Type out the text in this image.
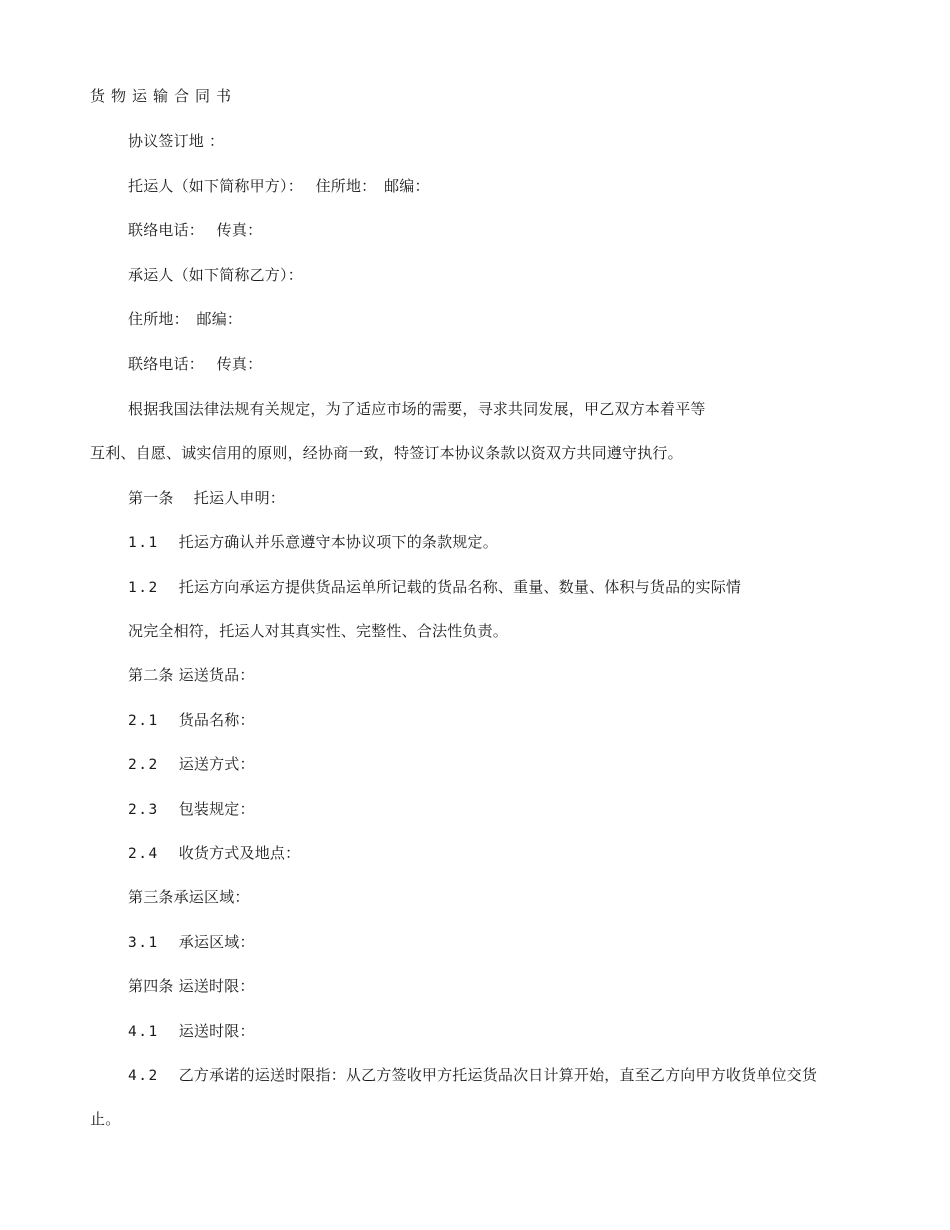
货物运输合同书
协议签订地 ：
托运人（如下简称甲方）：　 住所地：　邮编：
联络电话：　 传真：
承运人（如下简称乙方）：
住所地：　邮编：
联络电话：　 传真：
根据我国法律法规有关规定，为了适应市场的需要，寻求共同发展，甲乙双方本着平等
互利、自愿、诚实信用的原则，经协商一致，特签订本协议条款以资双方共同遵守执行。
第一条　 托运人申明：
1.1 托运方确认并乐意遵守本协议项下的条款规定。
1.2 托运方向承运方提供货品运单所记载的货品名称、重量、数量、体积与货品的实际情
况完全相符，托运人对其真实性、完整性、合法性负责。
第二条 运送货品：
2.1 货品名称：
2.2 运送方式：
2.3 包装规定：
2.4 收货方式及地点：
第三条承运区域：
3.1 承运区域：
第四条 运送时限：
4.1 运送时限：
4.2 乙方承诺的运送时限指：从乙方签收甲方托运货品次日计算开始，直至乙方向甲方收货单位交货
止。
